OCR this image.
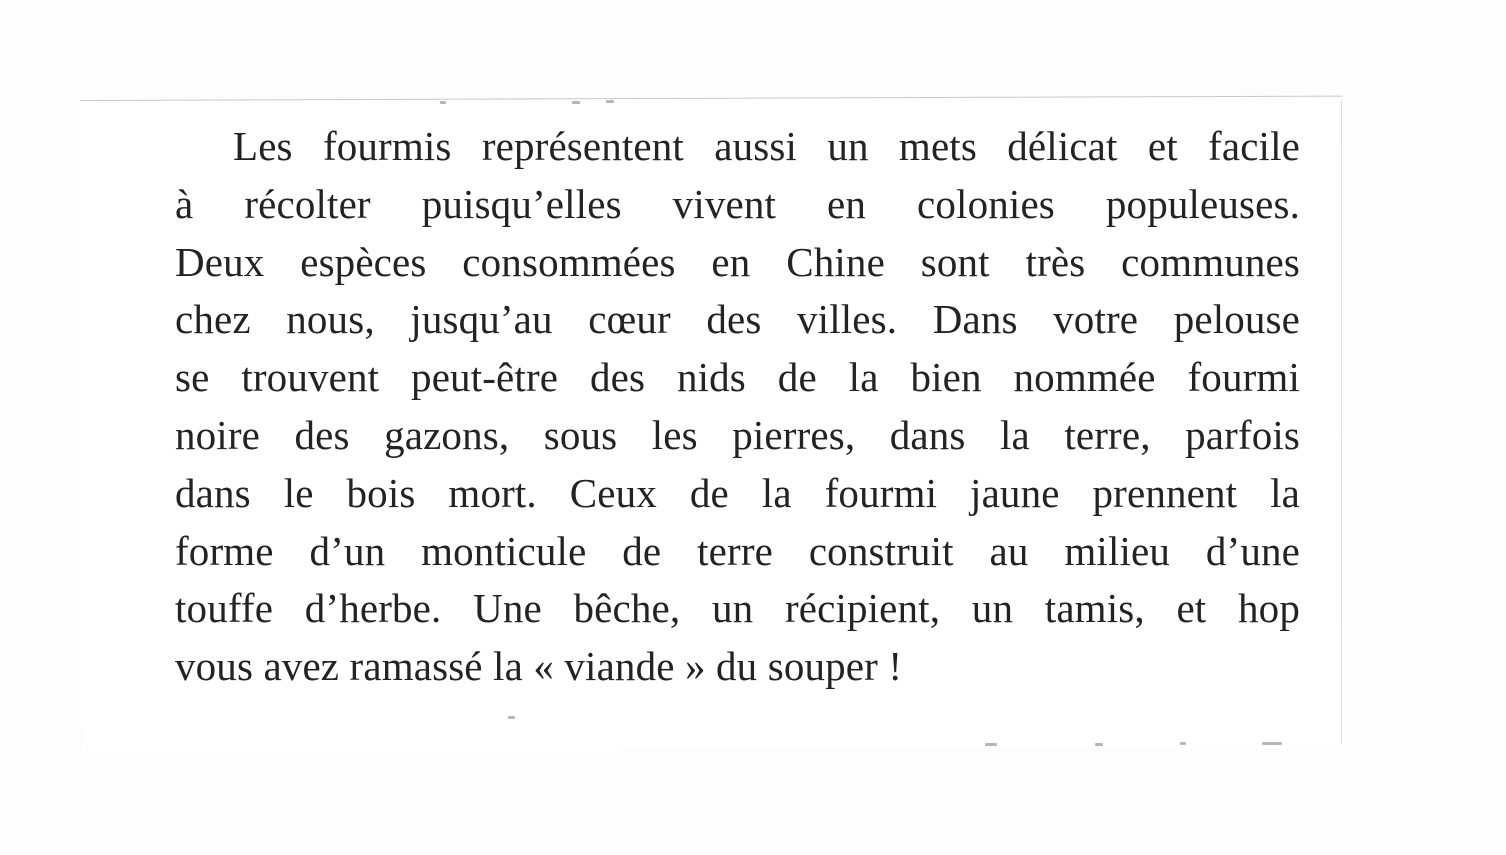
Les fourmis représentent aussi un mets délicat et facile
à récolter puisqu’elles vivent en colonies populeuses.
Deux espèces consommées en Chine sont très communes
chez nous, jusqu’au cœur des villes. Dans votre pelouse
se trouvent peut-être des nids de la bien nommée fourmi
noire des gazons, sous les pierres, dans la terre, parfois
dans le bois mort. Ceux de la fourmi jaune prennent la
forme d’un monticule de terre construit au milieu d’une
touffe d’herbe. Une bêche, un récipient, un tamis, et hop
vous avez ramassé la « viande » du souper !
